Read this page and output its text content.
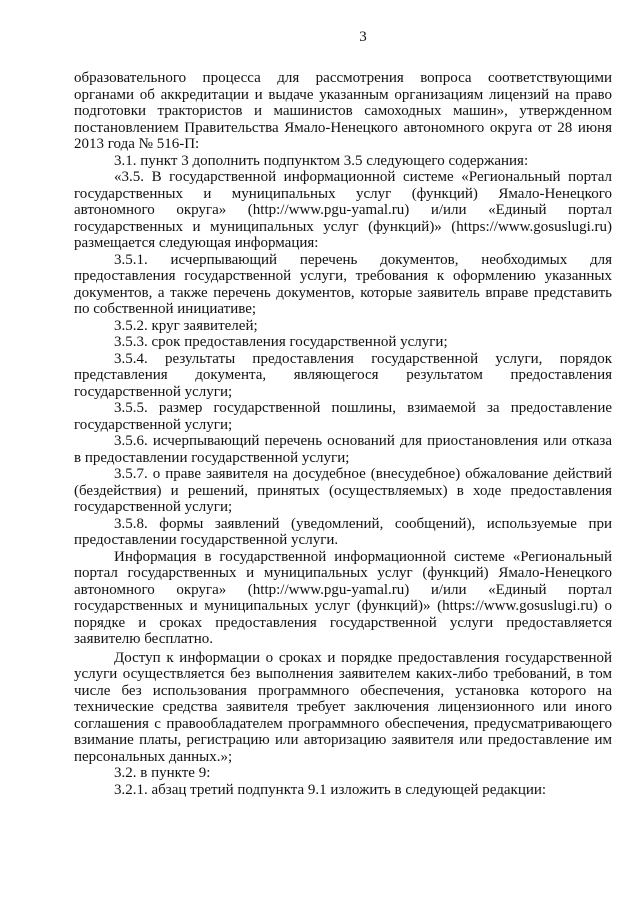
3

образовательного процесса для рассмотрения вопроса соответствующими органами об аккредитации и выдаче указанным организациям лицензий на право подготовки трактористов и машинистов самоходных машин», утвержденном постановлением Правительства Ямало-Ненецкого автономного округа от 28 июня 2013 года № 516-П:

3.1. пункт 3 дополнить подпунктом 3.5 следующего содержания:

«3.5. В государственной информационной системе «Региональный портал государственных и муниципальных услуг (функций) Ямало-Ненецкого автономного округа» (http://www.pgu-yamal.ru) и/или «Единый портал государственных и муниципальных услуг (функций)» (https://www.gosuslugi.ru) размещается следующая информация:

3.5.1. исчерпывающий перечень документов, необходимых для предоставления государственной услуги, требования к оформлению указанных документов, а также перечень документов, которые заявитель вправе представить по собственной инициативе;

3.5.2. круг заявителей;

3.5.3. срок предоставления государственной услуги;

3.5.4. результаты предоставления государственной услуги, порядок представления документа, являющегося результатом предоставления государственной услуги;

3.5.5. размер государственной пошлины, взимаемой за предоставление государственной услуги;

3.5.6. исчерпывающий перечень оснований для приостановления или отказа в предоставлении государственной услуги;

3.5.7. о праве заявителя на досудебное (внесудебное) обжалование действий (бездействия) и решений, принятых (осуществляемых) в ходе предоставления государственной услуги;

3.5.8. формы заявлений (уведомлений, сообщений), используемые при предоставлении государственной услуги.

Информация в государственной информационной системе «Региональный портал государственных и муниципальных услуг (функций) Ямало-Ненецкого автономного округа» (http://www.pgu-yamal.ru) и/или «Единый портал государственных и муниципальных услуг (функций)» (https://www.gosuslugi.ru) о порядке и сроках предоставления государственной услуги предоставляется заявителю бесплатно.

Доступ к информации о сроках и порядке предоставления государственной услуги осуществляется без выполнения заявителем каких-либо требований, в том числе без использования программного обеспечения, установка которого на технические средства заявителя требует заключения лицензионного или иного соглашения с правообладателем программного обеспечения, предусматривающего взимание платы, регистрацию или авторизацию заявителя или предоставление им персональных данных.»;

3.2. в пункте 9:

3.2.1. абзац третий подпункта 9.1 изложить в следующей редакции:
